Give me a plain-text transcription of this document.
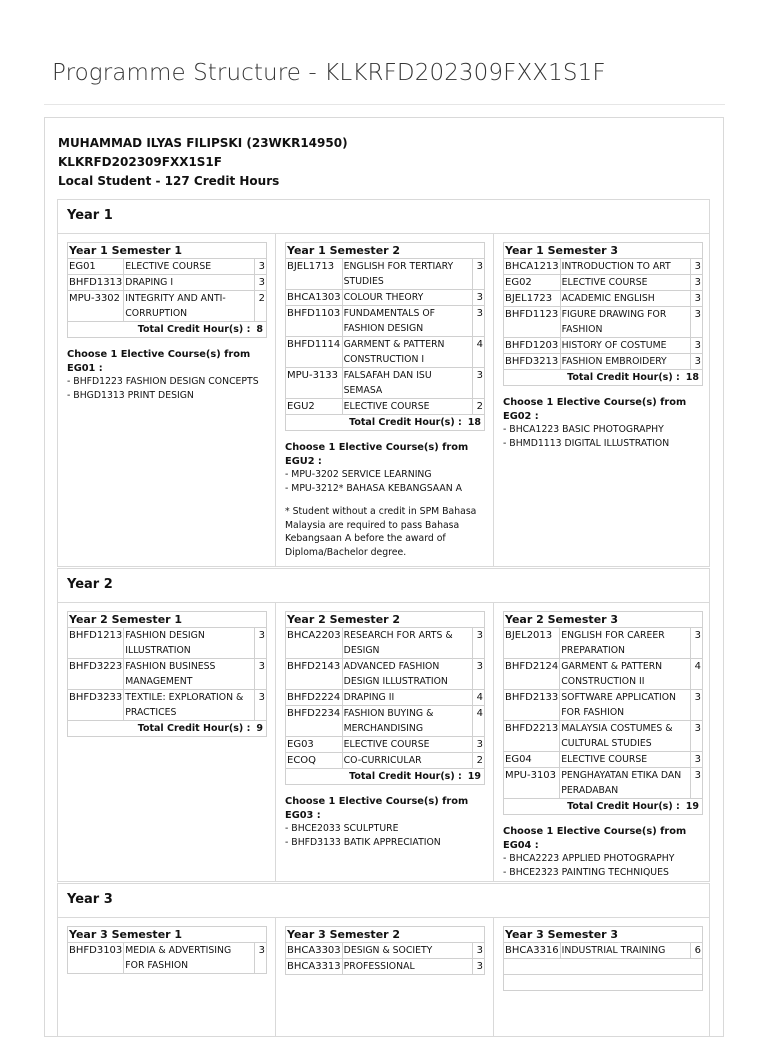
Programme Structure - KLKRFD202309FXX1S1F
MUHAMMAD ILYAS FILIPSKI (23WKR14950)
KLKRFD202309FXX1S1F
Local Student - 127 Credit Hours
Year 1
Year 1 Semester 1		
EG01	ELECTIVE COURSE	3
BHFD1313	DRAPING I	3
MPU-3302	INTEGRITY AND ANTI-CORRUPTION	2
Total Credit Hour(s) : 8		
Choose 1 Elective Course(s) from EG01 :
- BHFD1223 FASHION DESIGN CONCEPTS
- BHGD1313 PRINT DESIGN
Year 1 Semester 2		
BJEL1713	ENGLISH FOR TERTIARY STUDIES	3
BHCA1303	COLOUR THEORY	3
BHFD1103	FUNDAMENTALS OF FASHION DESIGN	3
BHFD1114	GARMENT & PATTERN CONSTRUCTION I	4
MPU-3133	FALSAFAH DAN ISU SEMASA	3
EGU2	ELECTIVE COURSE	2
Total Credit Hour(s) : 18		
Choose 1 Elective Course(s) from EGU2 :
- MPU-3202 SERVICE LEARNING
- MPU-3212* BAHASA KEBANGSAAN A
* Student without a credit in SPM Bahasa Malaysia are required to pass Bahasa Kebangsaan A before the award of Diploma/Bachelor degree.
Year 1 Semester 3		
BHCA1213	INTRODUCTION TO ART	3
EG02	ELECTIVE COURSE	3
BJEL1723	ACADEMIC ENGLISH	3
BHFD1123	FIGURE DRAWING FOR FASHION	3
BHFD1203	HISTORY OF COSTUME	3
BHFD3213	FASHION EMBROIDERY	3
Total Credit Hour(s) : 18		
Choose 1 Elective Course(s) from EG02 :
- BHCA1223 BASIC PHOTOGRAPHY
- BHMD1113 DIGITAL ILLUSTRATION
Year 2
Year 2 Semester 1		
BHFD1213	FASHION DESIGN ILLUSTRATION	3
BHFD3223	FASHION BUSINESS MANAGEMENT	3
BHFD3233	TEXTILE: EXPLORATION & PRACTICES	3
Total Credit Hour(s) : 9		
Year 2 Semester 2		
BHCA2203	RESEARCH FOR ARTS & DESIGN	3
BHFD2143	ADVANCED FASHION DESIGN ILLUSTRATION	3
BHFD2224	DRAPING II	4
BHFD2234	FASHION BUYING & MERCHANDISING	4
EG03	ELECTIVE COURSE	3
ECOQ	CO-CURRICULAR	2
Total Credit Hour(s) : 19		
Choose 1 Elective Course(s) from EG03 :
- BHCE2033 SCULPTURE
- BHFD3133 BATIK APPRECIATION
Year 2 Semester 3		
BJEL2013	ENGLISH FOR CAREER PREPARATION	3
BHFD2124	GARMENT & PATTERN CONSTRUCTION II	4
BHFD2133	SOFTWARE APPLICATION FOR FASHION	3
BHFD2213	MALAYSIA COSTUMES & CULTURAL STUDIES	3
EG04	ELECTIVE COURSE	3
MPU-3103	PENGHAYATAN ETIKA DAN PERADABAN	3
Total Credit Hour(s) : 19		
Choose 1 Elective Course(s) from EG04 :
- BHCA2223 APPLIED PHOTOGRAPHY
- BHCE2323 PAINTING TECHNIQUES
Year 3
Year 3 Semester 1
BHFD3103	MEDIA & ADVERTISING FOR FASHION	3
Year 3 Semester 2		
BHCA3303	DESIGN & SOCIETY	3
BHCA3313	PROFESSIONAL	3
Year 3 Semester 3
BHCA3316	INDUSTRIAL TRAINING	6
